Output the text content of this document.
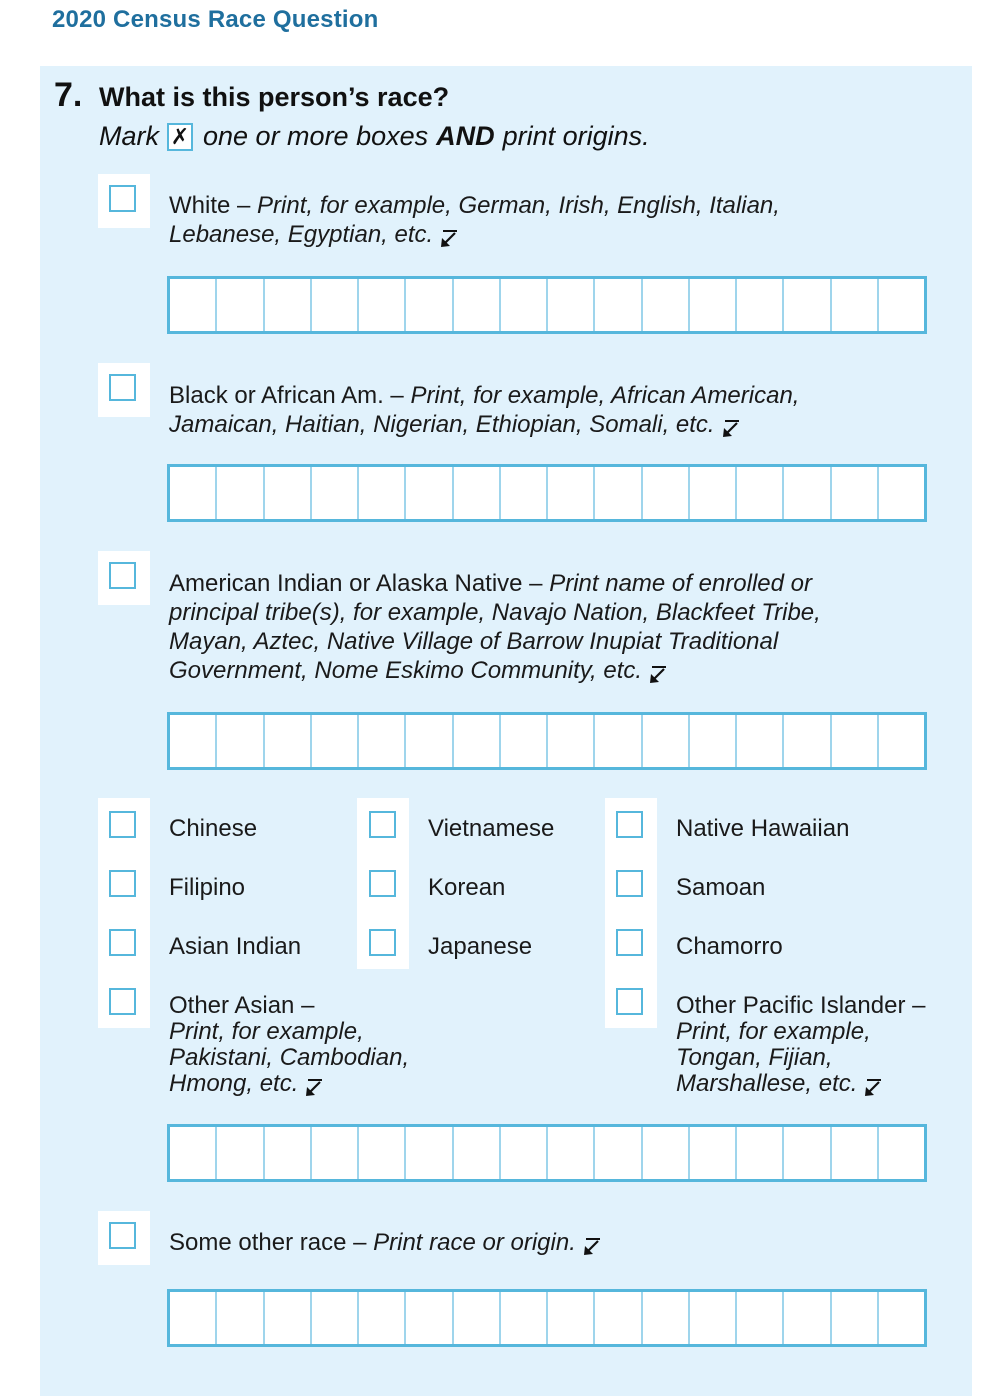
2020 Census Race Question
7. What is this person’s race?
Mark ✗ one or more boxes AND print origins.
White – Print, for example, German, Irish, English, Italian,
Lebanese, Egyptian, etc.
Black or African Am. – Print, for example, African American,
Jamaican, Haitian, Nigerian, Ethiopian, Somali, etc.
American Indian or Alaska Native – Print name of enrolled or
principal tribe(s), for example, Navajo Nation, Blackfeet Tribe,
Mayan, Aztec, Native Village of Barrow Inupiat Traditional
Government, Nome Eskimo Community, etc.
Chinese
Filipino
Asian Indian
Vietnamese
Korean
Japanese
Native Hawaiian
Samoan
Chamorro
Other Asian –
Print, for example,
Pakistani, Cambodian,
Hmong, etc.
Other Pacific Islander –
Print, for example,
Tongan, Fijian,
Marshallese, etc.
Some other race – Print race or origin.
